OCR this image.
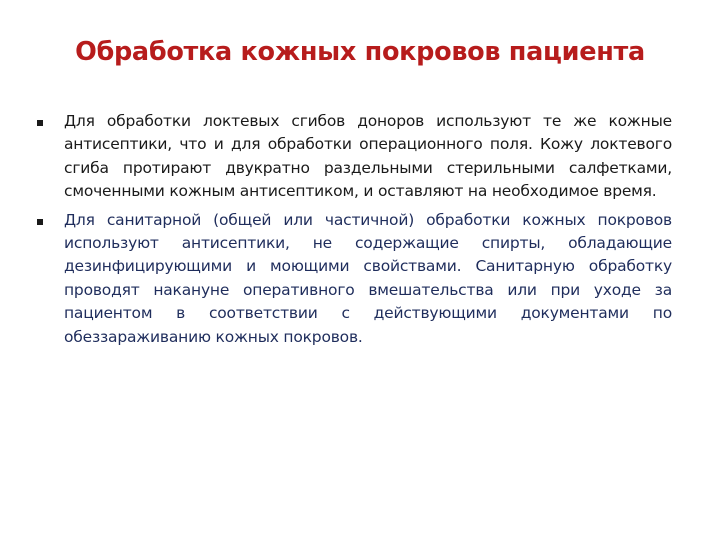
Обработка кожных покровов пациента
Для обработки локтевых сгибов доноров используют те же кожные антисептики, что и для обработки операционного поля. Кожу локтевого сгиба протирают двукратно раздельными стерильными салфетками, смоченными кожным антисептиком, и оставляют на необходимое время.
Для санитарной (общей или частичной) обработки кожных покровов используют антисептики, не содержащие спирты, обладающие дезинфицирующими и моющими свойствами. Санитарную обработку проводят накануне оперативного вмешательства или при уходе за пациентом в соответствии с действующими документами по обеззараживанию кожных покровов.
